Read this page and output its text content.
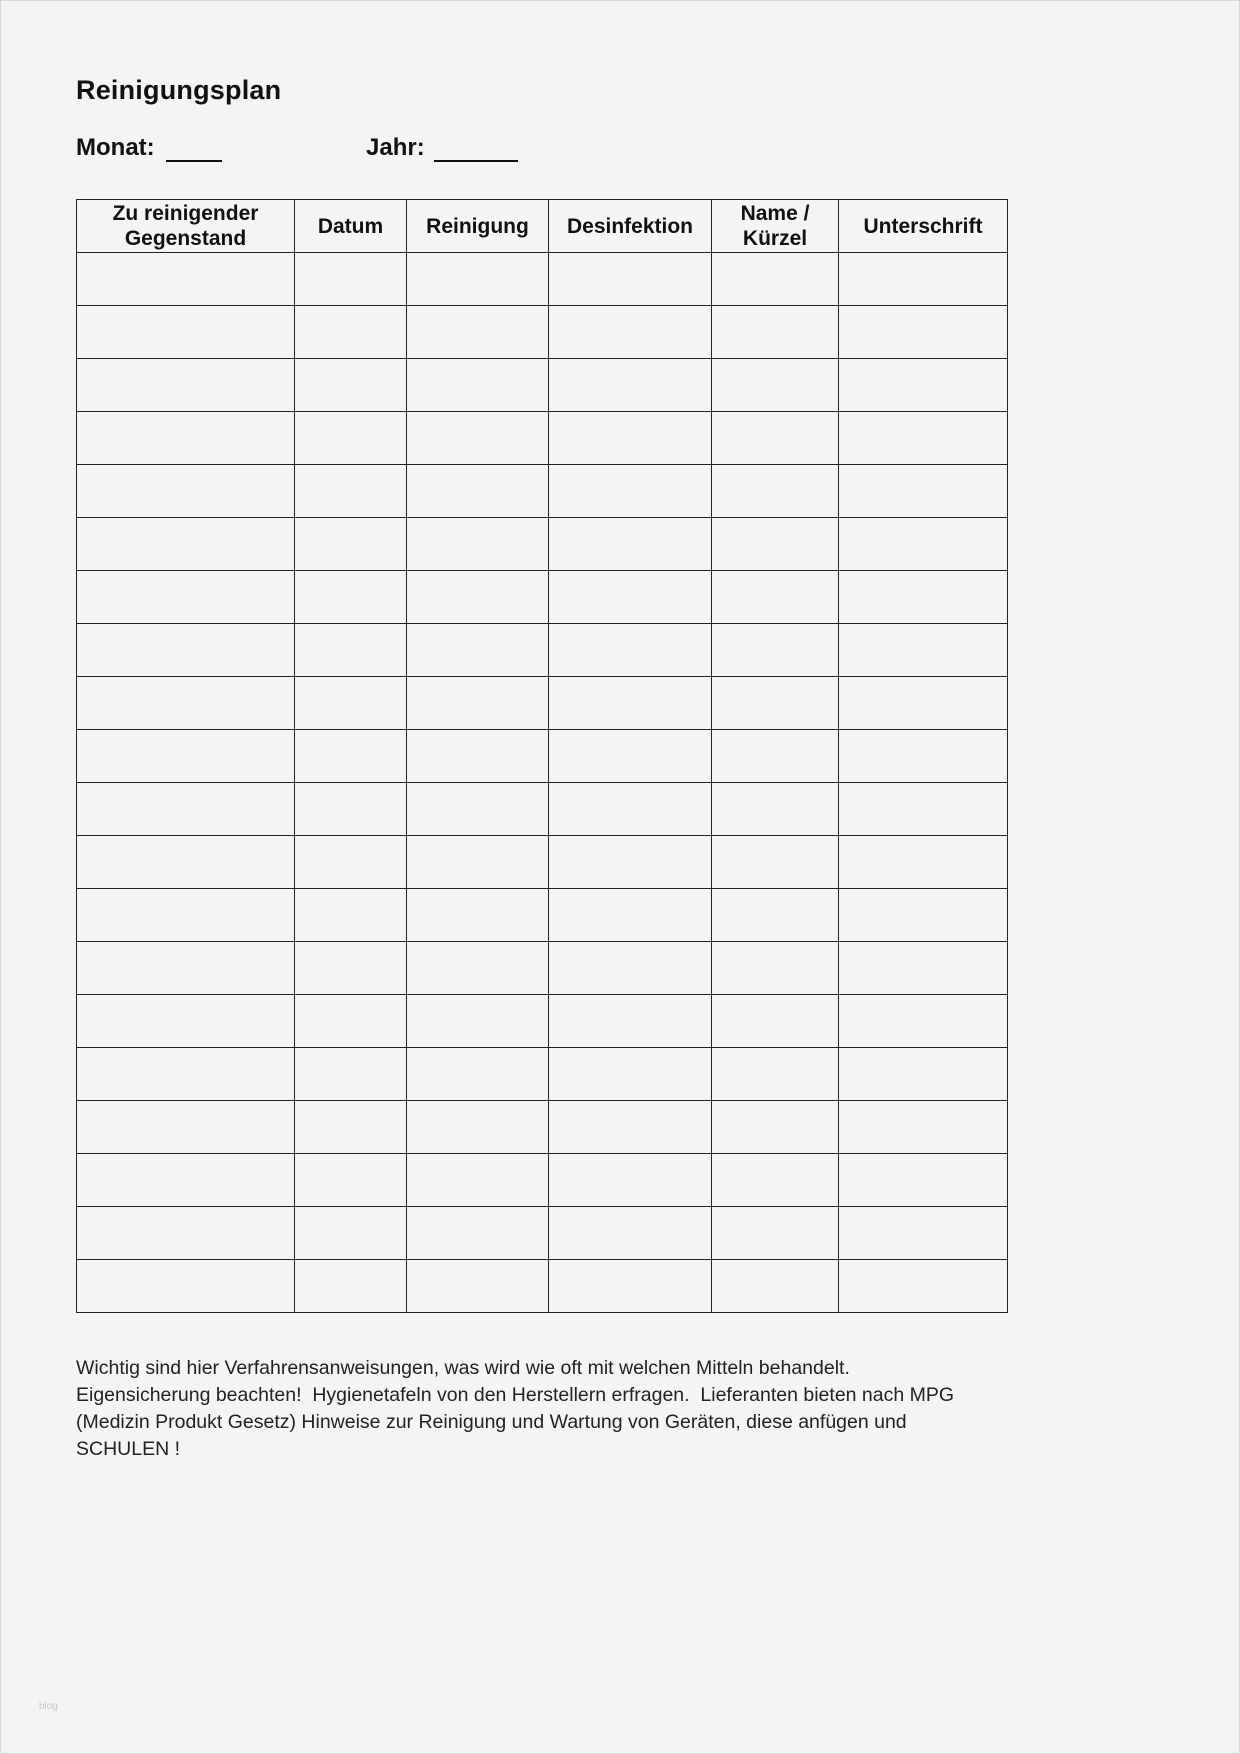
Reinigungsplan
Monat:	Jahr:
Zu reinigender Gegenstand	Datum	Reinigung	Desinfektion	Name / Kürzel	Unterschrift

Wichtig sind hier Verfahrensanweisungen, was wird wie oft mit welchen Mitteln behandelt.
Eigensicherung beachten!  Hygienetafeln von den Herstellern erfragen.  Lieferanten bieten nach MPG
(Medizin Produkt Gesetz) Hinweise zur Reinigung und Wartung von Geräten, diese anfügen und
SCHULEN !
blog
